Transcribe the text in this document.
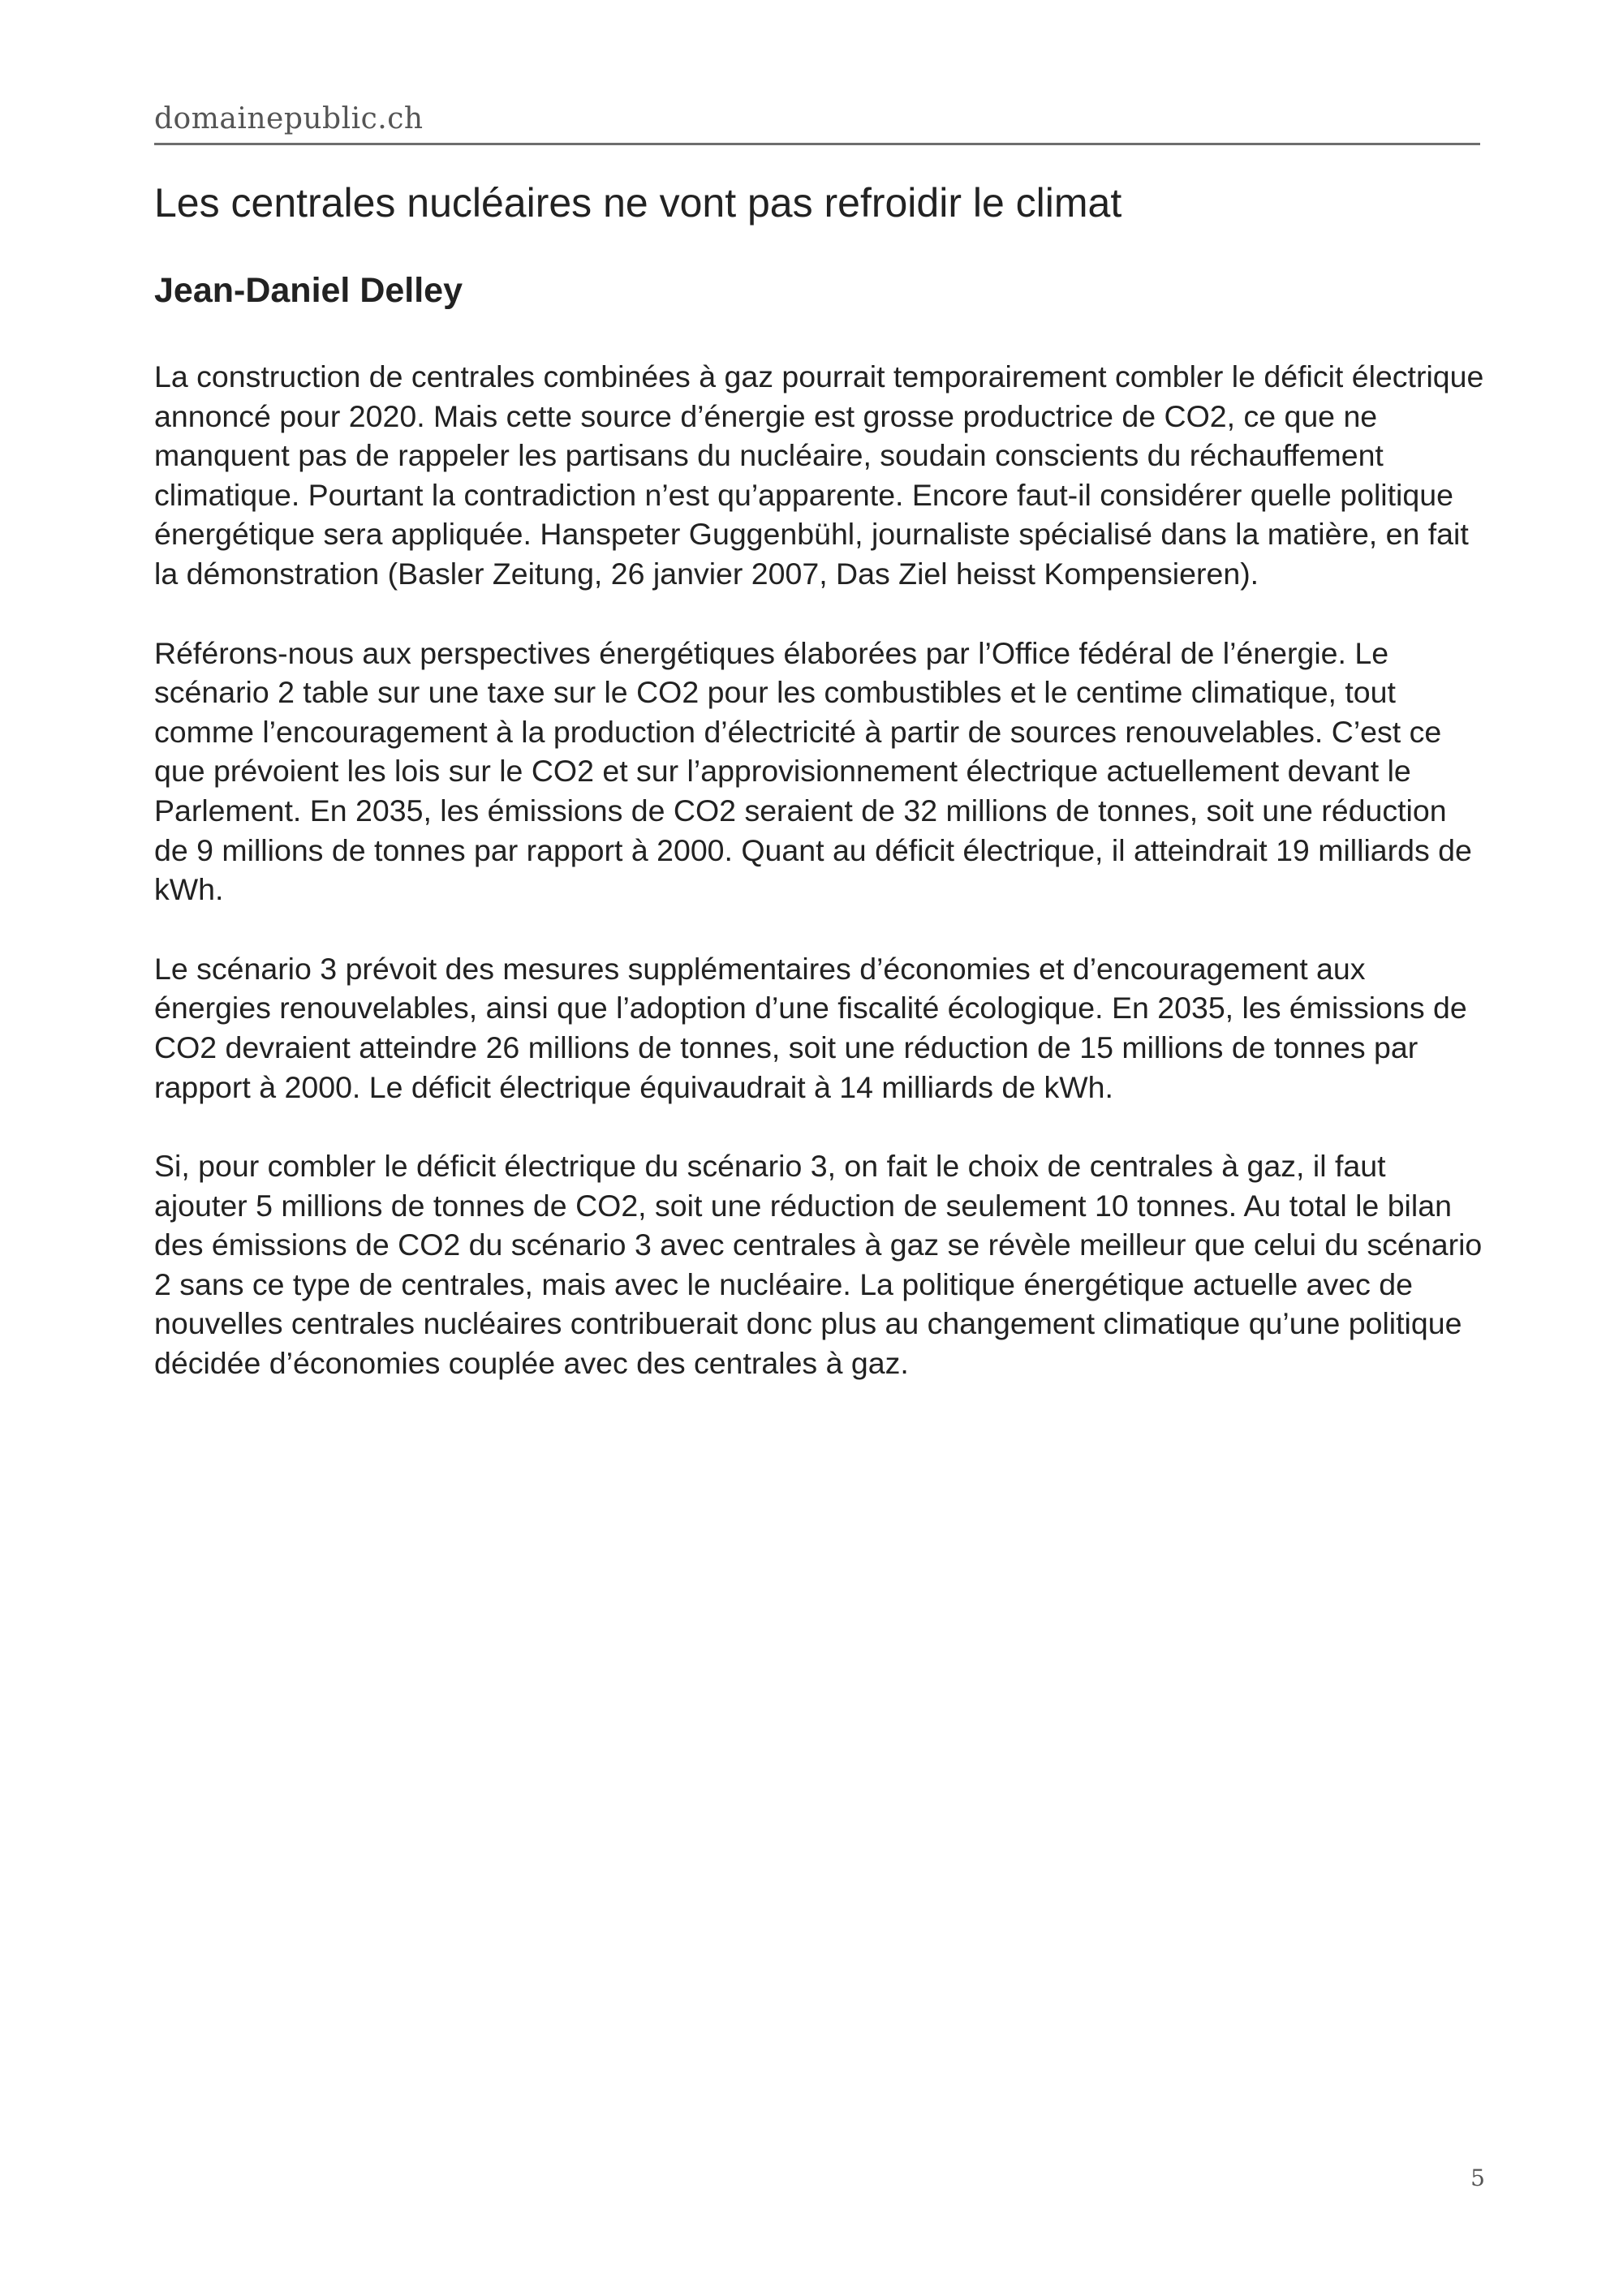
domainepublic.ch
Les centrales nucléaires ne vont pas refroidir le climat
Jean-Daniel Delley

La construction de centrales combinées à gaz pourrait temporairement combler le déficit électrique annoncé pour 2020. Mais cette source d’énergie est grosse productrice de CO2, ce que ne manquent pas de rappeler les partisans du nucléaire, soudain conscients du réchauffement climatique. Pourtant la contradiction n’est qu’apparente. Encore faut-il considérer quelle politique énergétique sera appliquée. Hanspeter Guggenbühl, journaliste spécialisé dans la matière, en fait la démonstration (Basler Zeitung, 26 janvier 2007, Das Ziel heisst Kompensieren).

Référons-nous aux perspectives énergétiques élaborées par l’Office fédéral de l’énergie. Le scénario 2 table sur une taxe sur le CO2 pour les combustibles et le centime climatique, tout comme l’encouragement à la production d’électricité à partir de sources renouvelables. C’est ce que prévoient les lois sur le CO2 et sur l’approvisionnement électrique actuellement devant le Parlement. En 2035, les émissions de CO2 seraient de 32 millions de tonnes, soit une réduction de 9 millions de tonnes par rapport à 2000. Quant au déficit électrique, il atteindrait 19 milliards de kWh.

Le scénario 3 prévoit des mesures supplémentaires d’économies et d’encouragement aux énergies renouvelables, ainsi que l’adoption d’une fiscalité écologique. En 2035, les émissions de CO2 devraient atteindre 26 millions de tonnes, soit une réduction de 15 millions de tonnes par rapport à 2000. Le déficit électrique équivaudrait à 14 milliards de kWh.

Si, pour combler le déficit électrique du scénario 3, on fait le choix de centrales à gaz, il faut ajouter 5 millions de tonnes de CO2, soit une réduction de seulement 10 tonnes. Au total le bilan des émissions de CO2 du scénario 3 avec centrales à gaz se révèle meilleur que celui du scénario 2 sans ce type de centrales, mais avec le nucléaire. La politique énergétique actuelle avec de nouvelles centrales nucléaires contribuerait donc plus au changement climatique qu’une politique décidée d’économies couplée avec des centrales à gaz.

5
